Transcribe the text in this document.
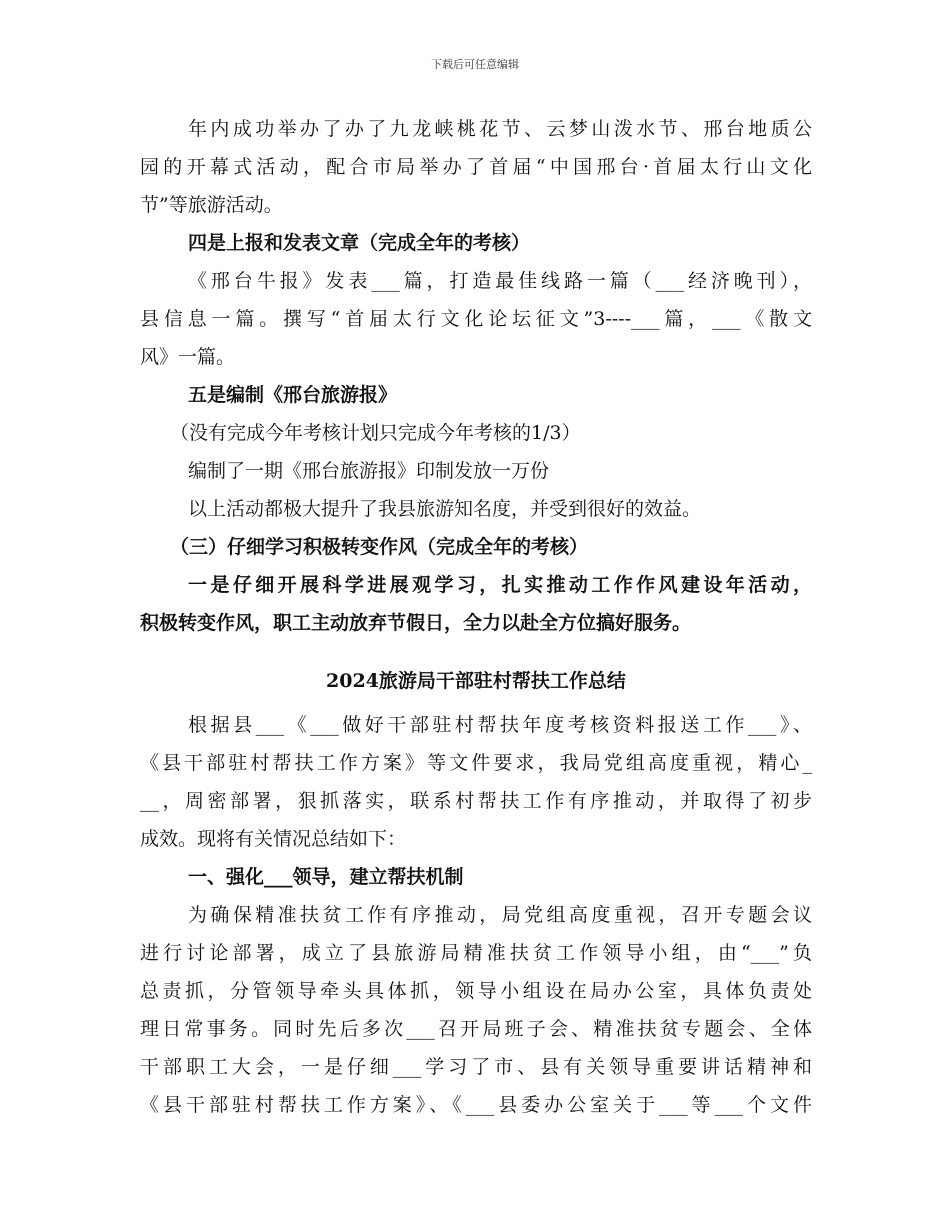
下载后可任意编辑
年内成功举办了办了九龙峡桃花节、云梦山泼水节、邢台地质公
园的开幕式活动，配合市局举办了首届“中国邢台·首届太行山文化
节”等旅游活动。
四是上报和发表文章（完成全年的考核）
《邢台牛报》发表___篇，打造最佳线路一篇（___经济晚刊），
县信息一篇。撰写“首届太行文化论坛征文”3----___篇，___《散文
风》一篇。
五是编制《邢台旅游报》
（没有完成今年考核计划只完成今年考核的1/3）
编制了一期《邢台旅游报》印制发放一万份
以上活动都极大提升了我县旅游知名度，并受到很好的效益。
（三）仔细学习积极转变作风（完成全年的考核）
一是仔细开展科学进展观学习，扎实推动工作作风建设年活动，
积极转变作风，职工主动放弃节假日，全力以赴全方位搞好服务。
2024旅游局干部驻村帮扶工作总结
根据县___《___做好干部驻村帮扶年度考核资料报送工作___》、
《县干部驻村帮扶工作方案》等文件要求，我局党组高度重视，精心_
__，周密部署，狠抓落实，联系村帮扶工作有序推动，并取得了初步
成效。现将有关情况总结如下：
一、强化___领导，建立帮扶机制
为确保精准扶贫工作有序推动，局党组高度重视，召开专题会议
进行讨论部署，成立了县旅游局精准扶贫工作领导小组，由“___”负
总责抓，分管领导牵头具体抓，领导小组设在局办公室，具体负责处
理日常事务。同时先后多次___召开局班子会、精准扶贫专题会、全体
干部职工大会，一是仔细___学习了市、县有关领导重要讲话精神和
《县干部驻村帮扶工作方案》、《___县委办公室关于___等___个文件
